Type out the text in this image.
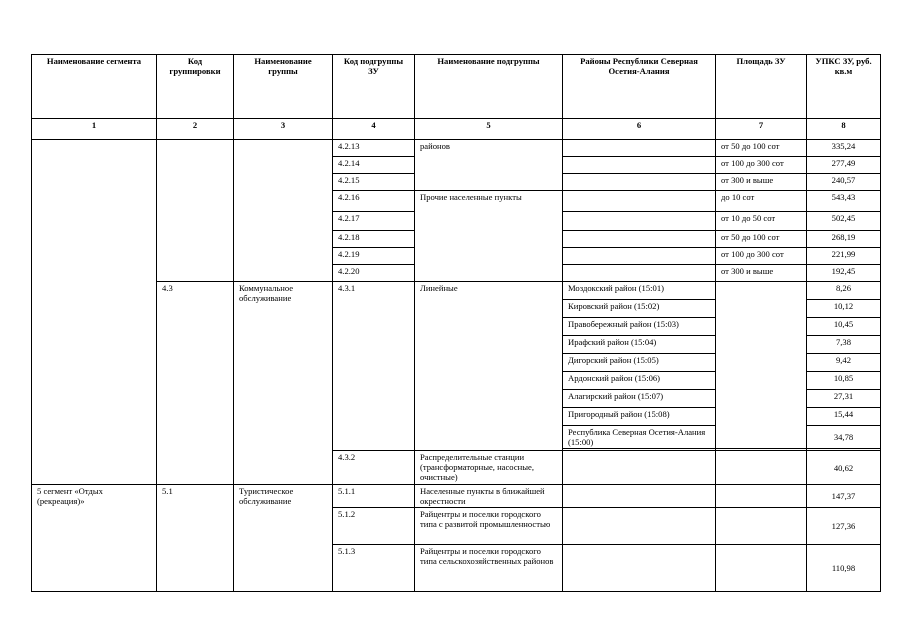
Наименование сегмента	Код группировки	Наименование группы	Код подгруппы ЗУ	Наименование подгруппы	Районы Республики Северная Осетия-Алания	Площадь ЗУ	УПКС ЗУ, руб. кв.м
1	2	3	4	5	6	7	8
			4.2.13	районов		от 50 до 100 сот	335,24
			4.2.14			от 100 до 300 сот	277,49
			4.2.15			от 300 и выше	240,57
			4.2.16	Прочие населенные пункты		до 10 сот	543,43
			4.2.17			от 10 до 50 сот	502,45
			4.2.18			от 50 до 100 сот	268,19
			4.2.19			от 100 до 300 сот	221,99
			4.2.20			от 300 и выше	192,45
	4.3	Коммунальное обслуживание	4.3.1	Линейные	Моздокский район (15:01)		8,26
					Кировский район (15:02)		10,12
					Правобережный район (15:03)		10,45
					Ирафский район (15:04)		7,38
					Дигорский район (15:05)		9,42
					Ардонский район (15:06)		10,85
					Алагирский район (15:07)		27,31
					Пригородный район (15:08)		15,44
					Республика Северная Осетия-Алания (15:00)		34,78

			4.3.2	Распределительные станции (трансформаторные, насосные, очистные)			40,62
5 сегмент «Отдых (рекреация)»	5.1	Туристическое обслуживание	5.1.1	Населенные пункты в ближайшей окрестности			147,37
			5.1.2	Райцентры и поселки городского типа с развитой промышленностью			127,36
			5.1.3	Райцентры и поселки городского типа сельскохозяйственных районов			110,98
